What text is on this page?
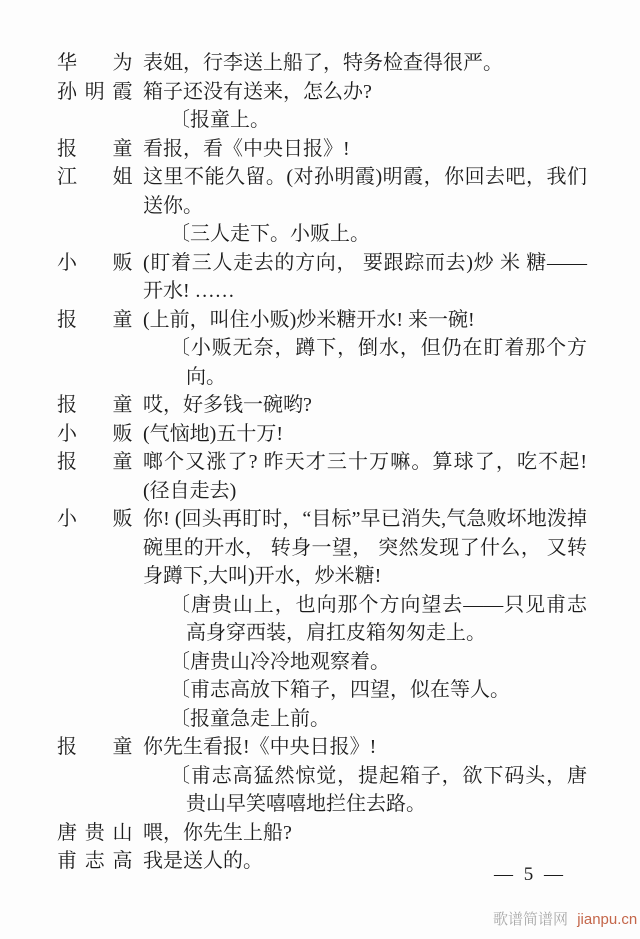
华 为 表姐，行李送上船了，特务检查得很严。
孙明霞 箱子还没有送来，怎么办?
〔报童上。
报 童 看报，看《中央日报》!
江 姐 这里不能久留。(对孙明霞)明霞，你回去吧，我们送你。
〔三人走下。小贩上。
小 贩 (盯着三人走去的方向， 要跟踪而去)炒 米 糖——开水! ……
报 童 (上前，叫住小贩)炒米糖开水! 来一碗!
〔小贩无奈，蹲下，倒水，但仍在盯着那个方向。
报 童 哎，好多钱一碗哟?
小 贩 (气恼地)五十万!
报 童 啷个又涨了? 昨天才三十万嘛。算球了，吃不起!(径自走去)
小 贩 你! (回头再盯时，“目标”早已消失,气急败坏地泼掉碗里的开水， 转身一望， 突然发现了什么， 又转身蹲下,大叫)开水，炒米糖!
〔唐贵山上，也向那个方向望去——只见甫志高身穿西装，肩扛皮箱匆匆走上。
〔唐贵山冷冷地观察着。
〔甫志高放下箱子，四望，似在等人。
〔报童急走上前。
报 童 你先生看报!《中央日报》!
〔甫志高猛然惊觉，提起箱子，欲下码头，唐贵山早笑嘻嘻地拦住去路。
唐贵山 喂，你先生上船?
甫志高 我是送人的。
— 5 —
歌谱简谱网 jianpu.cn
